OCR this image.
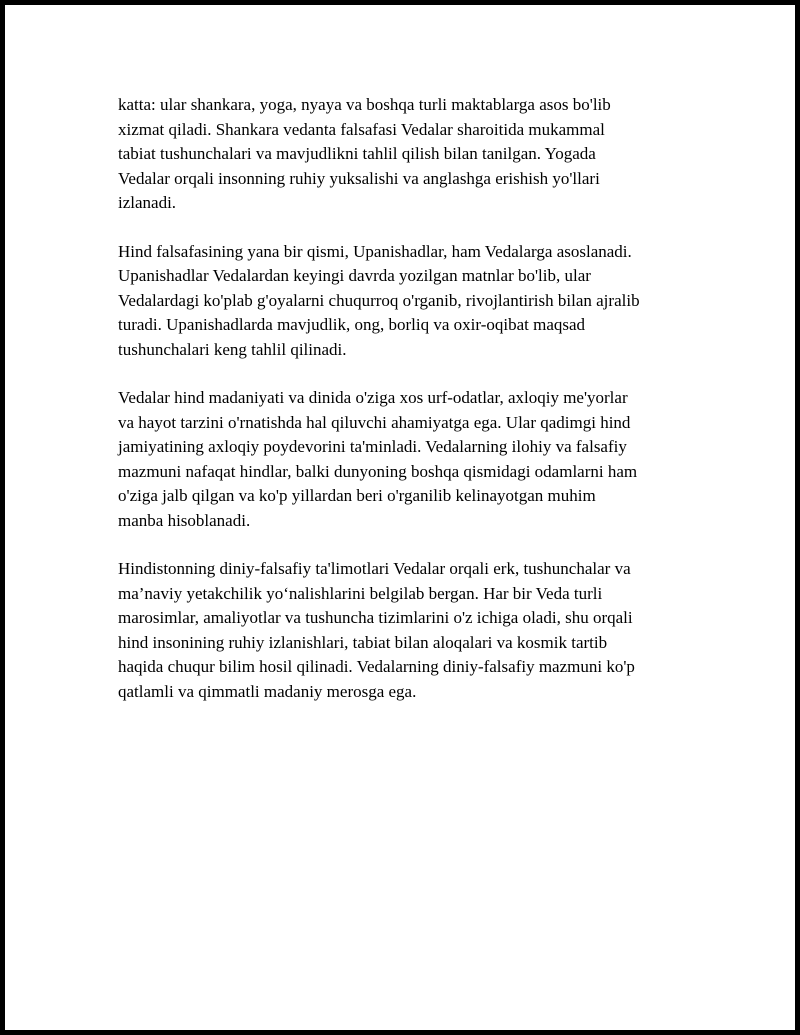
katta: ular shankara, yoga, nyaya va boshqa turli maktablarga asos bo'lib
xizmat qiladi. Shankara vedanta falsafasi Vedalar sharoitida mukammal
tabiat tushunchalari va mavjudlikni tahlil qilish bilan tanilgan. Yogada
Vedalar orqali insonning ruhiy yuksalishi va anglashga erishish yo'llari
izlanadi.

Hind falsafasining yana bir qismi, Upanishadlar, ham Vedalarga asoslanadi.
Upanishadlar Vedalardan keyingi davrda yozilgan matnlar bo'lib, ular
Vedalardagi ko'plab g'oyalarni chuqurroq o'rganib, rivojlantirish bilan ajralib
turadi. Upanishadlarda mavjudlik, ong, borliq va oxir-oqibat maqsad
tushunchalari keng tahlil qilinadi.

Vedalar hind madaniyati va dinida o'ziga xos urf-odatlar, axloqiy me'yorlar
va hayot tarzini o'rnatishda hal qiluvchi ahamiyatga ega. Ular qadimgi hind
jamiyatining axloqiy poydevorini ta'minladi. Vedalarning ilohiy va falsafiy
mazmuni nafaqat hindlar, balki dunyoning boshqa qismidagi odamlarni ham
o'ziga jalb qilgan va ko'p yillardan beri o'rganilib kelinayotgan muhim
manba hisoblanadi.

Hindistonning diniy-falsafiy ta'limotlari Vedalar orqali erk, tushunchalar va
ma’naviy yetakchilik yo‘nalishlarini belgilab bergan. Har bir Veda turli
marosimlar, amaliyotlar va tushuncha tizimlarini o'z ichiga oladi, shu orqali
hind insonining ruhiy izlanishlari, tabiat bilan aloqalari va kosmik tartib
haqida chuqur bilim hosil qilinadi. Vedalarning diniy-falsafiy mazmuni ko'p
qatlamli va qimmatli madaniy merosga ega.
